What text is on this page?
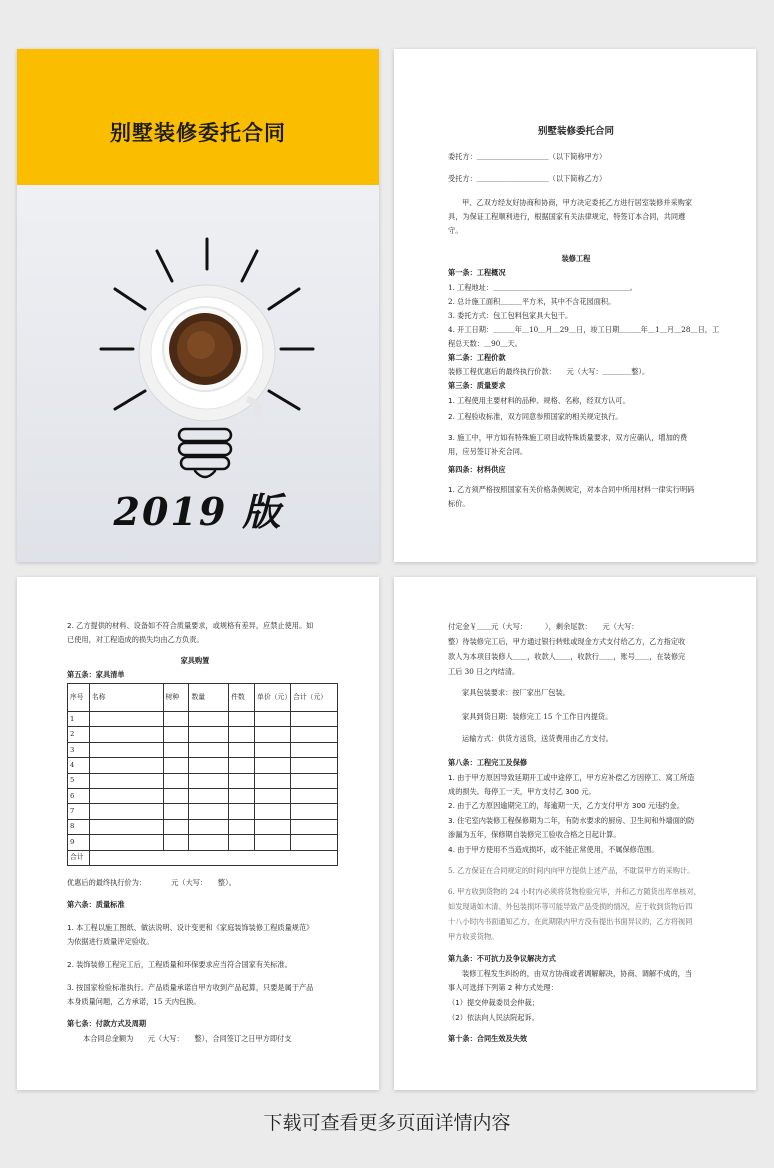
别墅装修委托合同
2019 版
别墅装修委托合同
委托方：＿＿＿＿＿＿＿＿＿＿（以下简称甲方）
受托方：＿＿＿＿＿＿＿＿＿＿（以下简称乙方）
甲、乙双方经友好协商和协商，甲方决定委托乙方进行居室装修并采购家
具，为保证工程顺利进行，根据国家有关法律规定，特签订本合同，共同遵
守。
装修工程
第一条：工程概况
1. 工程地址：＿＿＿＿＿＿＿＿＿＿＿＿＿＿＿＿＿＿＿。
2. 总计施工面积＿＿＿平方米，其中不含花园面积。
3. 委托方式：包工包料包家具大包干。
4. 开工日期：＿＿＿年＿10＿月＿29＿日，竣工日期＿＿＿年＿1＿月＿28＿日，工
程总天数：＿90＿天。
第二条：工程价款
装修工程优惠后的最终执行价款：　　元（大写：＿＿＿＿整）。
第三条：质量要求
1. 工程使用主要材料的品种、规格、名称，经双方认可。
2. 工程验收标准，双方同意参照国家的相关规定执行。
3. 施工中，甲方如有特殊施工项目或特殊质量要求，双方应确认，增加的费
用，应另签订补充合同。
第四条：材料供应
1. 乙方须严格按照国家有关价格条例规定，对本合同中所用材料一律实行明码
标价。
2. 乙方提供的材料、设备如不符合质量要求，或规格有差异，应禁止使用。如
已使用，对工程造成的损失均由乙方负责。
家具购置
第五条：家具清单
序号	名称	树种	数量	件数	单价（元）	合计（元）
1						
2						
3						
4						
5						
6						
7						
8						
9						
合计						
优惠后的最终执行价为：　　　　元（大写：　　整）。
第六条：质量标准
1. 本工程以施工图纸、做法说明、设计变更和《家庭装饰装修工程质量规范》
为依据进行质量评定验收。
2. 装饰装修工程完工后，工程质量和环保要求应当符合国家有关标准。
3. 按国家检验标准执行。产品质量承诺自甲方收到产品起算，只要是属于产品
本身质量问题，乙方承诺，15 天内包换。
第七条：付款方式及周期
本合同总金额为　　元（大写：　　整），合同签订之日甲方即付支
付定金￥＿＿元（大写：　　　），剩余尾款：　　元（大写：
整）待装修完工后，甲方通过银行转账或现金方式支付给乙方，乙方指定收
款人为本项目装修人＿＿，收款人＿＿，收款行＿＿，账号＿＿，在装修完
工后 30 日之内结清。
家具包装要求：按厂家出厂包装。
家具到货日期：装修完工 15 个工作日内提货。
运输方式：供货方送货，送货费用由乙方支付。
第八条：工程完工及保修
1. 由于甲方原因导致延期开工或中途停工，甲方应补偿乙方因停工、窝工所造
成的损失。每停工一天，甲方支付乙 300 元。
2. 由于乙方原因逾期完工的，每逾期一天，乙方支付甲方 300 元违约金。
3. 住宅室内装修工程保修期为二年，有防水要求的厨房、卫生间和外墙面的防
渗漏为五年，保修期自装修完工验收合格之日起计算。
4. 由于甲方使用不当造成损坏，或不能正常使用，不属保修范围。
5. 乙方保证在合同规定的时间内向甲方提供上述产品，不耽误甲方的采购计。
6. 甲方收到货物的 24 小时内必须将货物检验完毕，并和乙方随货出库单核对，
如发现诸如木清、外包装损坏等可能导致产品受损的情况，应于收到货物后四
十八小时内书面通知乙方，在此期限内甲方没有提出书面异议的，乙方将视同
甲方收妥货物。
第九条：不可抗力及争议解决方式
装修工程发生纠纷的，由双方协商或者调解解决，协商、调解不成的，当
事人可选择下列第 2 种方式处理：
（1）提交仲裁委员会仲裁；
（2）依法向人民法院起诉。
第十条：合同生效及失效
下载可查看更多页面详情内容
